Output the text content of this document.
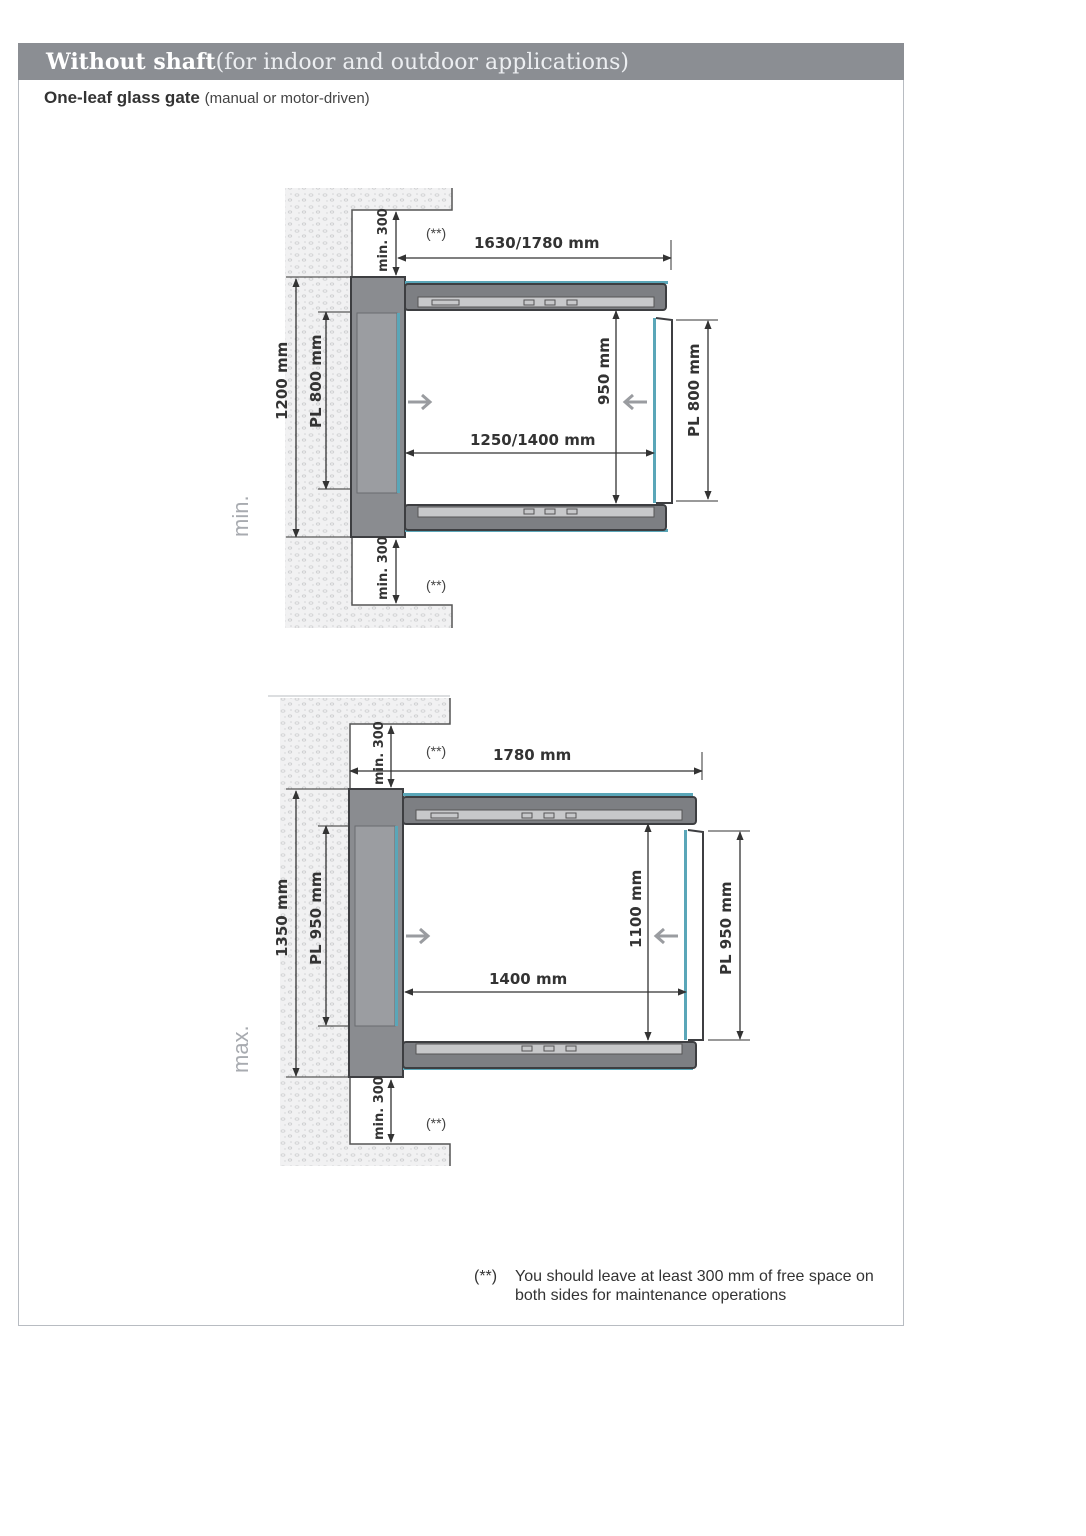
Without shaft(for indoor and outdoor applications)
One-leaf glass gate (manual or motor-driven)
1630/1780 mm
1250/1400 mm
1200 mm PL 800 mm	950 mm	PL 800 mm
min. 300	(**)
min. 300	(**)
min.
1780 mm
1400 mm
1350 mm PL 950 mm	1100 mm	PL 950 mm
min. 300	(**)
min. 300	(**)
max.
(**) You should leave at least 300 mm of free space on both sides for maintenance operations
